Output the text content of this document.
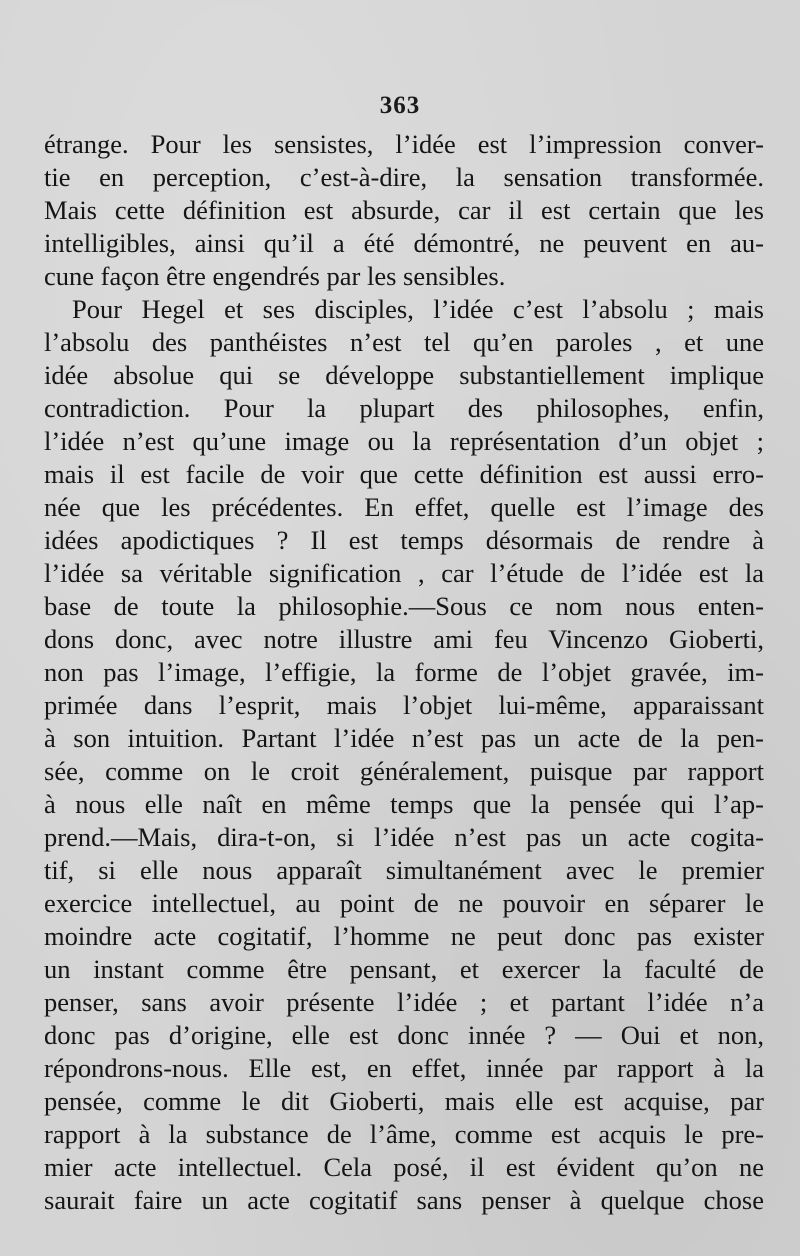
363
étrange. Pour les sensistes, l’idée est l’impression conver-
tie en perception, c’est-à-dire, la sensation transformée.
Mais cette définition est absurde, car il est certain que les
intelligibles, ainsi qu’il a été démontré, ne peuvent en au-
cune façon être engendrés par les sensibles.
Pour Hegel et ses disciples, l’idée c’est l’absolu ; mais
l’absolu des panthéistes n’est tel qu’en paroles , et une
idée absolue qui se développe substantiellement implique
contradiction. Pour la plupart des philosophes, enfin,
l’idée n’est qu’une image ou la représentation d’un objet ;
mais il est facile de voir que cette définition est aussi erro-
née que les précédentes. En effet, quelle est l’image des
idées apodictiques ? Il est temps désormais de rendre à
l’idée sa véritable signification , car l’étude de l’idée est la
base de toute la philosophie.—Sous ce nom nous enten-
dons donc, avec notre illustre ami feu Vincenzo Gioberti,
non pas l’image, l’effigie, la forme de l’objet gravée, im-
primée dans l’esprit, mais l’objet lui-même, apparaissant
à son intuition. Partant l’idée n’est pas un acte de la pen-
sée, comme on le croit généralement, puisque par rapport
à nous elle naît en même temps que la pensée qui l’ap-
prend.—Mais, dira-t-on, si l’idée n’est pas un acte cogita-
tif, si elle nous apparaît simultanément avec le premier
exercice intellectuel, au point de ne pouvoir en séparer le
moindre acte cogitatif, l’homme ne peut donc pas exister
un instant comme être pensant, et exercer la faculté de
penser, sans avoir présente l’idée ; et partant l’idée n’a
donc pas d’origine, elle est donc innée ? — Oui et non,
répondrons-nous. Elle est, en effet, innée par rapport à la
pensée, comme le dit Gioberti, mais elle est acquise, par
rapport à la substance de l’âme, comme est acquis le pre-
mier acte intellectuel. Cela posé, il est évident qu’on ne
saurait faire un acte cogitatif sans penser à quelque chose
